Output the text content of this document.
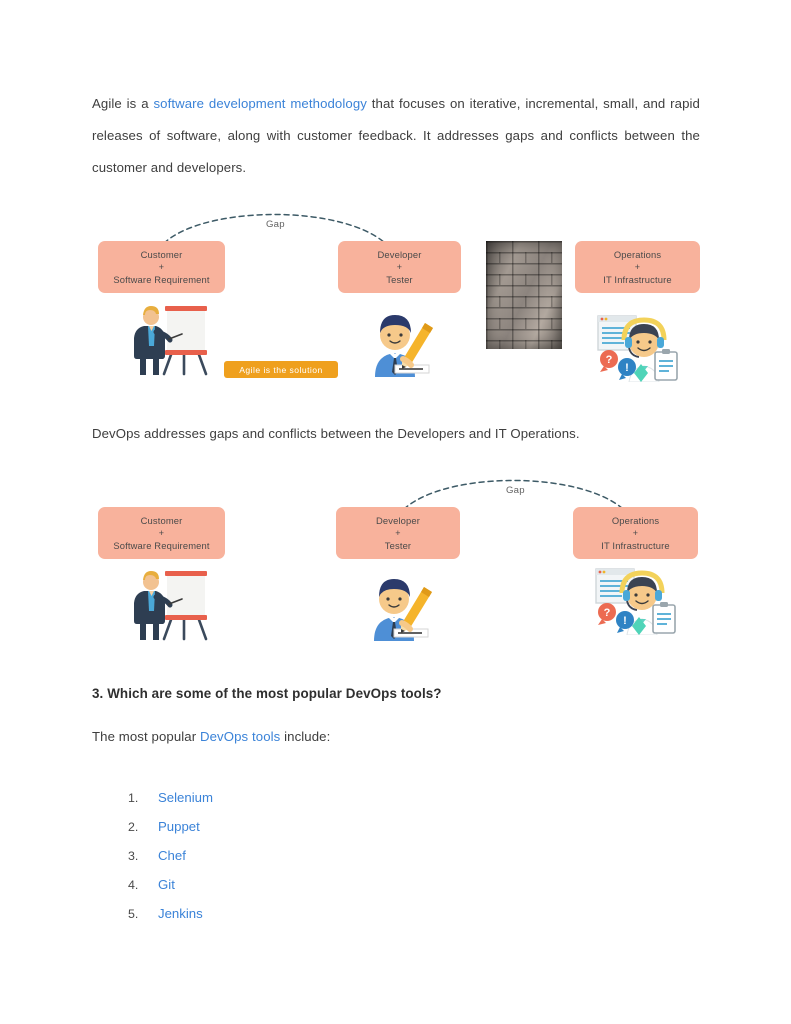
Agile is a software development methodology that focuses on iterative, incremental, small, and rapid releases of software, along with customer feedback. It addresses gaps and conflicts between the customer and developers.
Gap
Customer
+
Software Requirement
Developer
+
Tester
Operations
+
IT Infrastructure
Agile is the solution
?
!
DevOps addresses gaps and conflicts between the Developers and IT Operations.
Gap
Customer
+
Software Requirement
Developer
+
Tester
Operations
+
IT Infrastructure
?
!
3. Which are some of the most popular DevOps tools?
The most popular DevOps tools include:
1. Selenium
2. Puppet
3. Chef
4. Git
5. Jenkins
